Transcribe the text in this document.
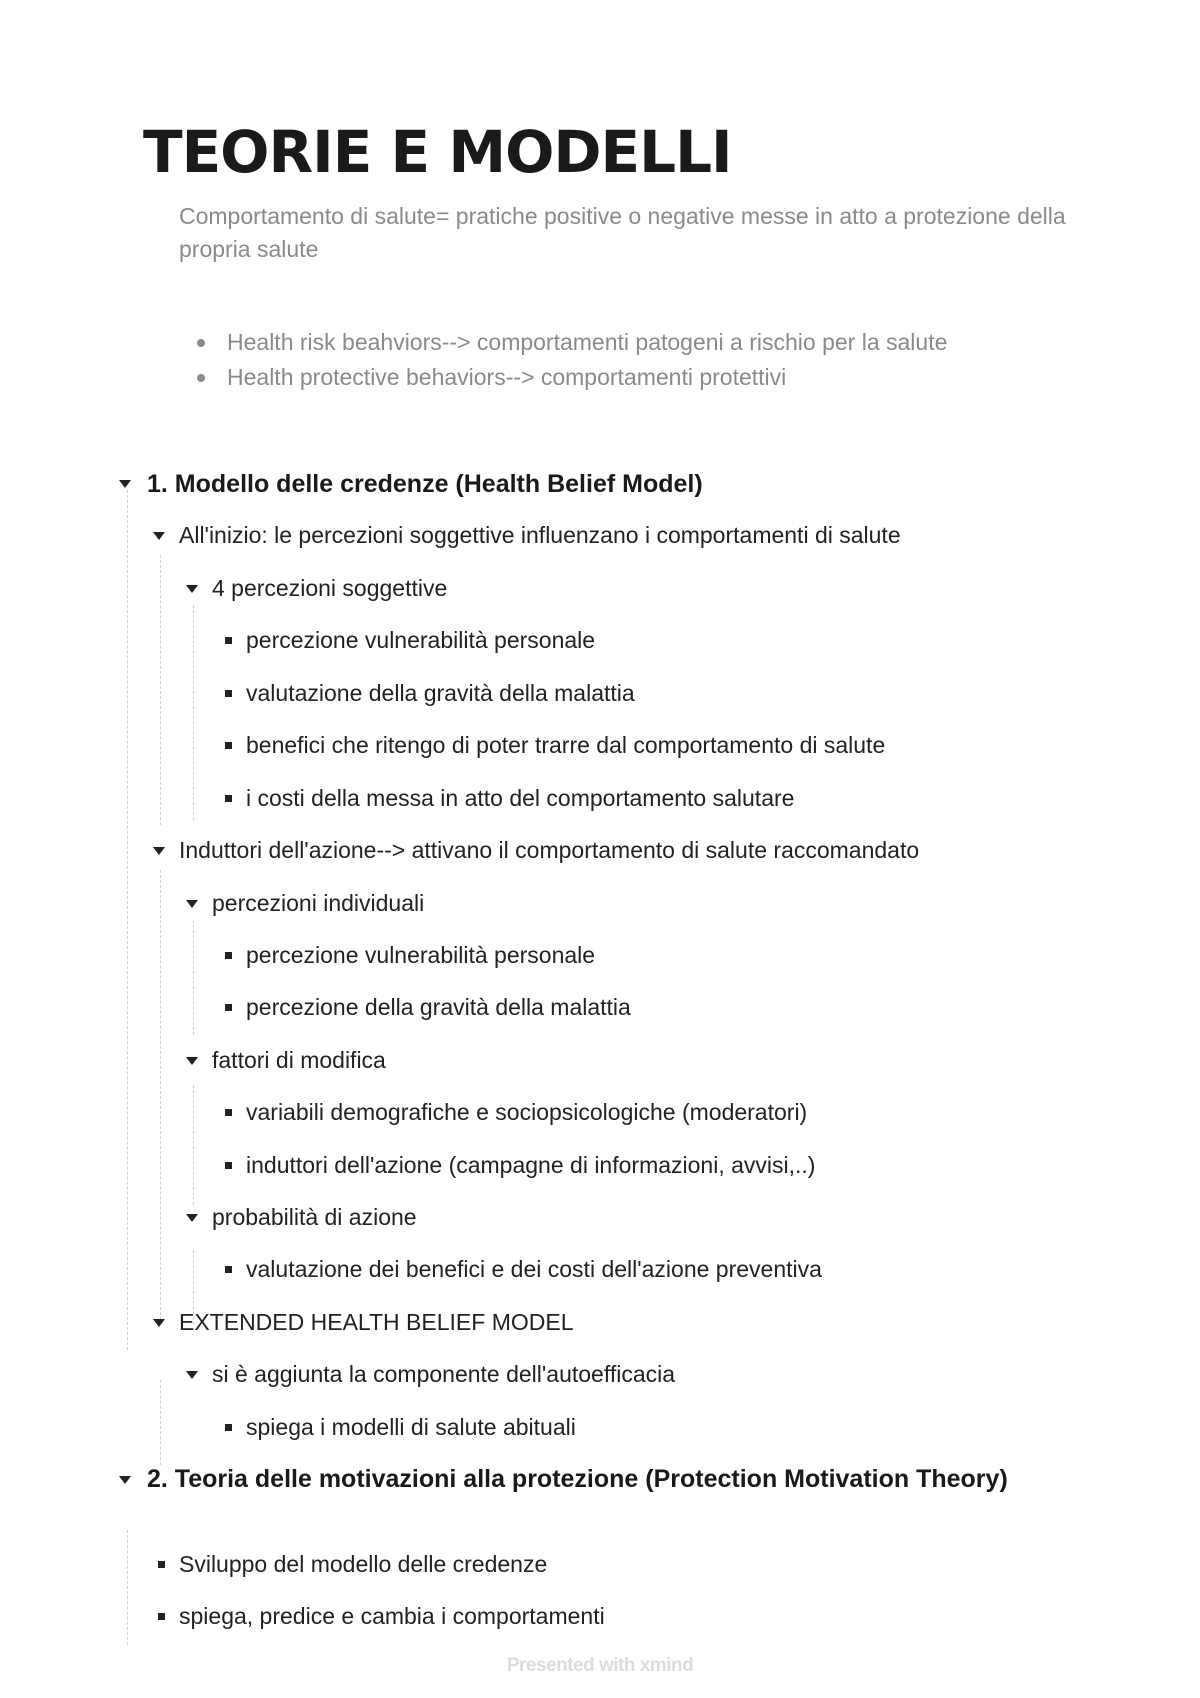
TEORIE E MODELLI
Comportamento di salute= pratiche positive o negative messe in atto a protezione della propria salute
Health risk beahviors--> comportamenti patogeni a rischio per la salute
Health protective behaviors--> comportamenti protettivi
1. Modello delle credenze (Health Belief Model)
All'inizio: le percezioni soggettive influenzano i comportamenti di salute
4 percezioni soggettive
percezione vulnerabilità personale
valutazione della gravità della malattia
benefici che ritengo di poter trarre dal comportamento di salute
i costi della messa in atto del comportamento salutare
Induttori dell'azione--> attivano il comportamento di salute raccomandato
percezioni individuali
percezione vulnerabilità personale
percezione della gravità della malattia
fattori di modifica
variabili demografiche e sociopsicologiche (moderatori)
induttori dell'azione (campagne di informazioni, avvisi,..)
probabilità di azione
valutazione dei benefici e dei costi dell'azione preventiva
EXTENDED HEALTH BELIEF MODEL
si è aggiunta la componente dell'autoefficacia
spiega i modelli di salute abituali
2. Teoria delle motivazioni alla protezione (Protection Motivation Theory)
Sviluppo del modello delle credenze
spiega, predice e cambia i comportamenti
Presented with xmind
